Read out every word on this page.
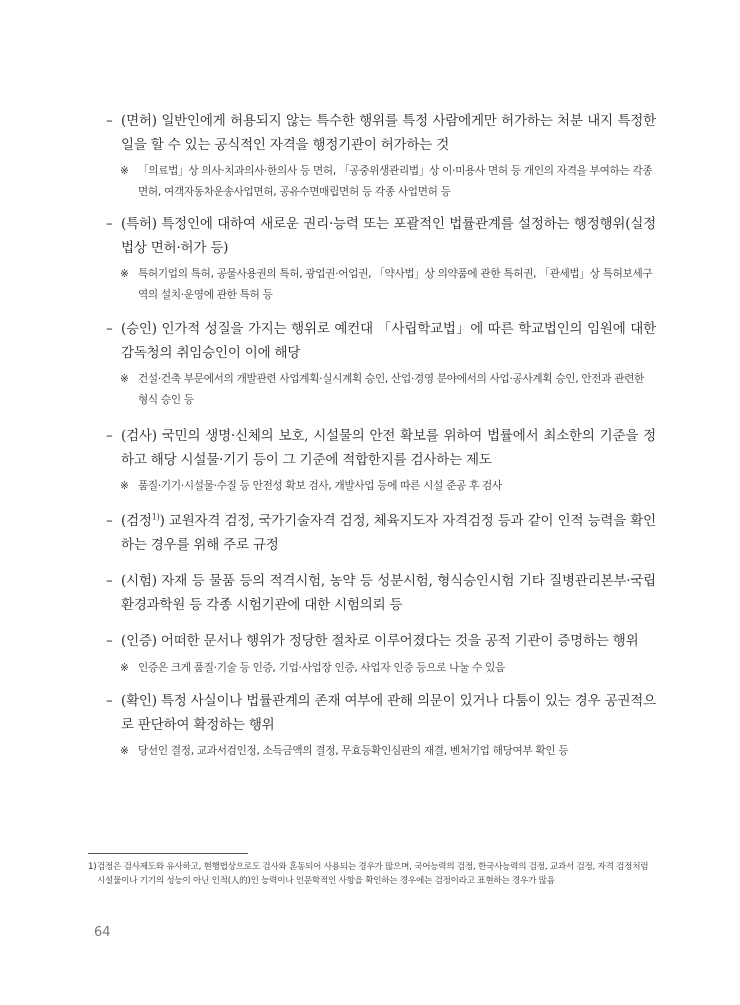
– (면허) 일반인에게 허용되지 않는 특수한 행위를 특정 사람에게만 허가하는 처분 내지 특정한 일을 할 수 있는 공식적인 자격을 행정기관이 허가하는 것
※ 「의료법」상 의사·치과의사·한의사 등 면허, 「공중위생관리법」상 이·미용사 면허 등 개인의 자격을 부여하는 각종 면허, 여객자동차운송사업면허, 공유수면매립면허 등 각종 사업면허 등
– (특허) 특정인에 대하여 새로운 권리·능력 또는 포괄적인 법률관계를 설정하는 행정행위(실정법상 면허·허가 등)
※ 특허기업의 특허, 공물사용권의 특허, 광업권·어업권, 「약사법」상 의약품에 관한 특허권, 「관세법」상 특허보세구역의 설치·운영에 관한 특허 등
– (승인) 인가적 성질을 가지는 행위로 예컨대 「사립학교법」에 따른 학교법인의 임원에 대한 감독청의 취임승인이 이에 해당
※ 건설·건축 부문에서의 개발관련 사업계획·실시계획 승인, 산업·경영 분야에서의 사업·공사계획 승인, 안전과 관련한 형식 승인 등
– (검사) 국민의 생명·신체의 보호, 시설물의 안전 확보를 위하여 법률에서 최소한의 기준을 정하고 해당 시설물·기기 등이 그 기준에 적합한지를 검사하는 제도
※ 품질·기기·시설물·수질 등 안전성 확보 검사, 개발사업 등에 따른 시설 준공 후 검사
– (검정$^{1)}$) 교원자격 검정, 국가기술자격 검정, 체육지도자 자격검정 등과 같이 인적 능력을 확인하는 경우를 위해 주로 규정
– (시험) 자재 등 물품 등의 적격시험, 농약 등 성분시험, 형식승인시험 기타 질병관리본부·국립환경과학원 등 각종 시험기관에 대한 시험의뢰 등
– (인증) 어떠한 문서나 행위가 정당한 절차로 이루어졌다는 것을 공적 기관이 증명하는 행위
※ 인증은 크게 품질·기술 등 인증, 기업·사업장 인증, 사업자 인증 등으로 나눌 수 있음
– (확인) 특정 사실이나 법률관계의 존재 여부에 관해 의문이 있거나 다툼이 있는 경우 공권적으로 판단하여 확정하는 행위
※ 당선인 결정, 교과서검인정, 소득금액의 결정, 무효등확인심판의 재결, 벤처기업 해당여부 확인 등
1) 검정은 검사제도와 유사하고, 현행법상으로도 검사와 혼동되어 사용되는 경우가 많으며, 국어능력의 검정, 한국사능력의 검정, 교과서 검정, 자격 검정처럼 시설물이나 기기의 성능이 아닌 인적(人的)인 능력이나 인문학적인 사항을 확인하는 경우에는 검정이라고 표현하는 경우가 많음
64
